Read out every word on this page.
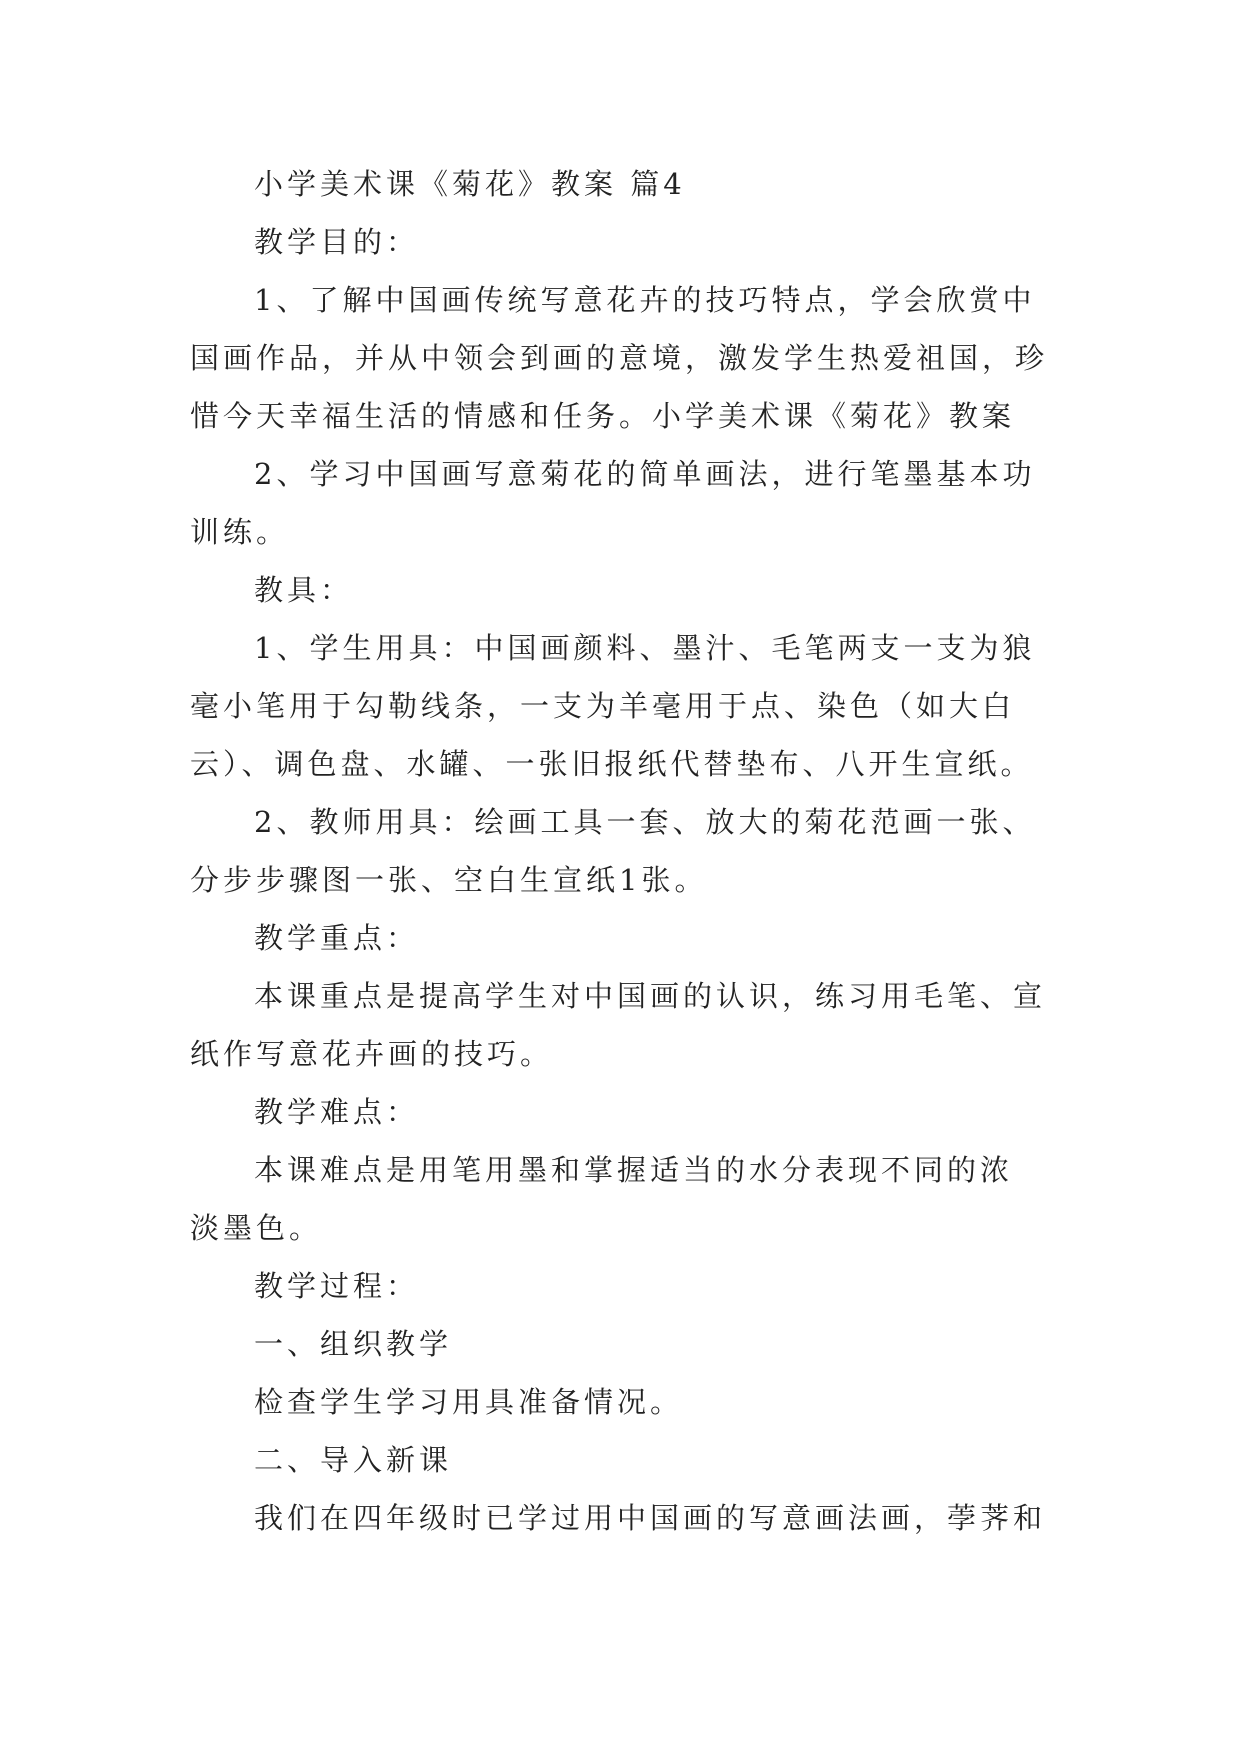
小学美术课《菊花》教案 篇4

教学目的：

1、了解中国画传统写意花卉的技巧特点，学会欣赏中

国画作品，并从中领会到画的意境，激发学生热爱祖国，珍

惜今天幸福生活的情感和任务。小学美术课《菊花》教案

2、学习中国画写意菊花的简单画法，进行笔墨基本功

训练。

教具：

1、学生用具：中国画颜料、墨汁、毛笔两支一支为狼

毫小笔用于勾勒线条，一支为羊毫用于点、染色（如大白

云）、调色盘、水罐、一张旧报纸代替垫布、八开生宣纸。

2、教师用具：绘画工具一套、放大的菊花范画一张、

分步步骤图一张、空白生宣纸1张。

教学重点：

本课重点是提高学生对中国画的认识，练习用毛笔、宣

纸作写意花卉画的技巧。

教学难点：

本课难点是用笔用墨和掌握适当的水分表现不同的浓

淡墨色。

教学过程：

一、组织教学

检查学生学习用具准备情况。

二、导入新课

我们在四年级时已学过用中国画的写意画法画，荸荠和
